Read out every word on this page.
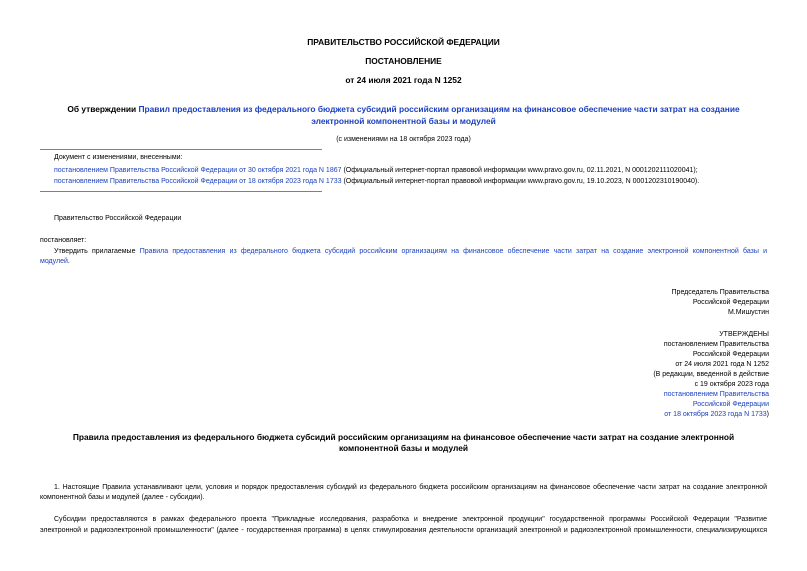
ПРАВИТЕЛЬСТВО РОССИЙСКОЙ ФЕДЕРАЦИИ
ПОСТАНОВЛЕНИЕ
от 24 июля 2021 года N 1252
Об утверждении Правил предоставления из федерального бюджета субсидий российским организациям на финансовое обеспечение части затрат на создание
электронной компонентной базы и модулей
(с изменениями на 18 октября 2023 года)
Документ с изменениями, внесенными:
постановлением Правительства Российской Федерации от 30 октября 2021 года N 1867 (Официальный интернет-портал правовой информации www.pravo.gov.ru, 02.11.2021, N 0001202111020041);
постановлением Правительства Российской Федерации от 18 октября 2023 года N 1733 (Официальный интернет-портал правовой информации www.pravo.gov.ru, 19.10.2023, N 0001202310190040).
Правительство Российской Федерации
постановляет:
Утвердить прилагаемые Правила предоставления из федерального бюджета субсидий российским организациям на финансовое обеспечение части затрат на создание электронной компонентной базы и
модулей.
Председатель Правительства
Российской Федерации
М.Мишустин
УТВЕРЖДЕНЫ
постановлением Правительства
Российской Федерации
от 24 июля 2021 года N 1252
(В редакции, введенной в действие
с 19 октября 2023 года
постановлением Правительства
Российской Федерации
от 18 октября 2023 года N 1733)
Правила предоставления из федерального бюджета субсидий российским организациям на финансовое обеспечение части затрат на создание электронной
компонентной базы и модулей
1. Настоящие Правила устанавливают цели, условия и порядок предоставления субсидий из федерального бюджета российским организациям на финансовое обеспечение части затрат на создание электронной
компонентной базы и модулей (далее - субсидии).
Субсидии предоставляются в рамках федерального проекта "Прикладные исследования, разработка и внедрение электронной продукции" государственной программы Российской Федерации "Развитие
электронной и радиоэлектронной промышленности" (далее - государственная программа) в целях стимулирования деятельности организаций электронной и радиоэлектронной промышленности, специализирующихся
